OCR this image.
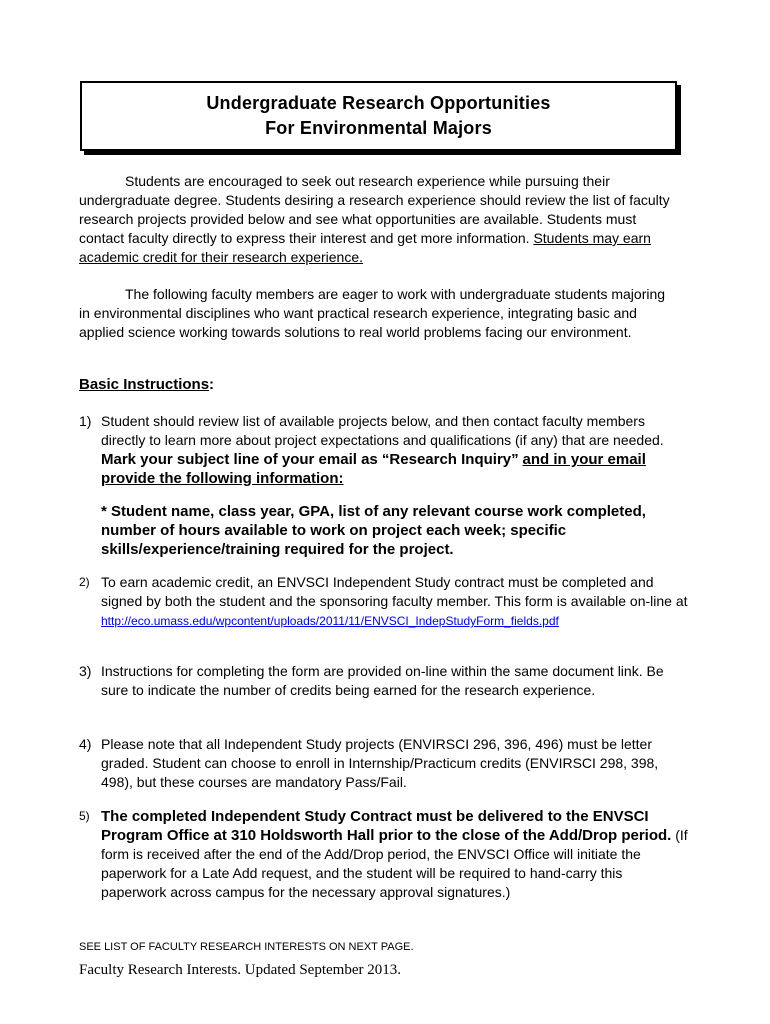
Undergraduate Research Opportunities
For Environmental Majors
Students are encouraged to seek out research experience while pursuing their undergraduate degree. Students desiring a research experience should review the list of faculty research projects provided below and see what opportunities are available. Students must contact faculty directly to express their interest and get more information. Students may earn academic credit for their research experience.
The following faculty members are eager to work with undergraduate students majoring in environmental disciplines who want practical research experience, integrating basic and applied science working towards solutions to real world problems facing our environment.
Basic Instructions:
1) Student should review list of available projects below, and then contact faculty members directly to learn more about project expectations and qualifications (if any) that are needed. Mark your subject line of your email as “Research Inquiry” and in your email provide the following information:
* Student name, class year, GPA, list of any relevant course work completed, number of hours available to work on project each week; specific skills/experience/training required for the project.
2) To earn academic credit, an ENVSCI Independent Study contract must be completed and signed by both the student and the sponsoring faculty member. This form is available on-line at
http://eco.umass.edu/wpcontent/uploads/2011/11/ENVSCI_IndepStudyForm_fields.pdf
3) Instructions for completing the form are provided on-line within the same document link. Be sure to indicate the number of credits being earned for the research experience.
4) Please note that all Independent Study projects (ENVIRSCI 296, 396, 496) must be letter graded. Student can choose to enroll in Internship/Practicum credits (ENVIRSCI 298, 398, 498), but these courses are mandatory Pass/Fail.
5) The completed Independent Study Contract must be delivered to the ENVSCI Program Office at 310 Holdsworth Hall prior to the close of the Add/Drop period. (If form is received after the end of the Add/Drop period, the ENVSCI Office will initiate the paperwork for a Late Add request, and the student will be required to hand-carry this paperwork across campus for the necessary approval signatures.)
SEE LIST OF FACULTY RESEARCH INTERESTS ON NEXT PAGE.
Faculty Research Interests. Updated September 2013.
